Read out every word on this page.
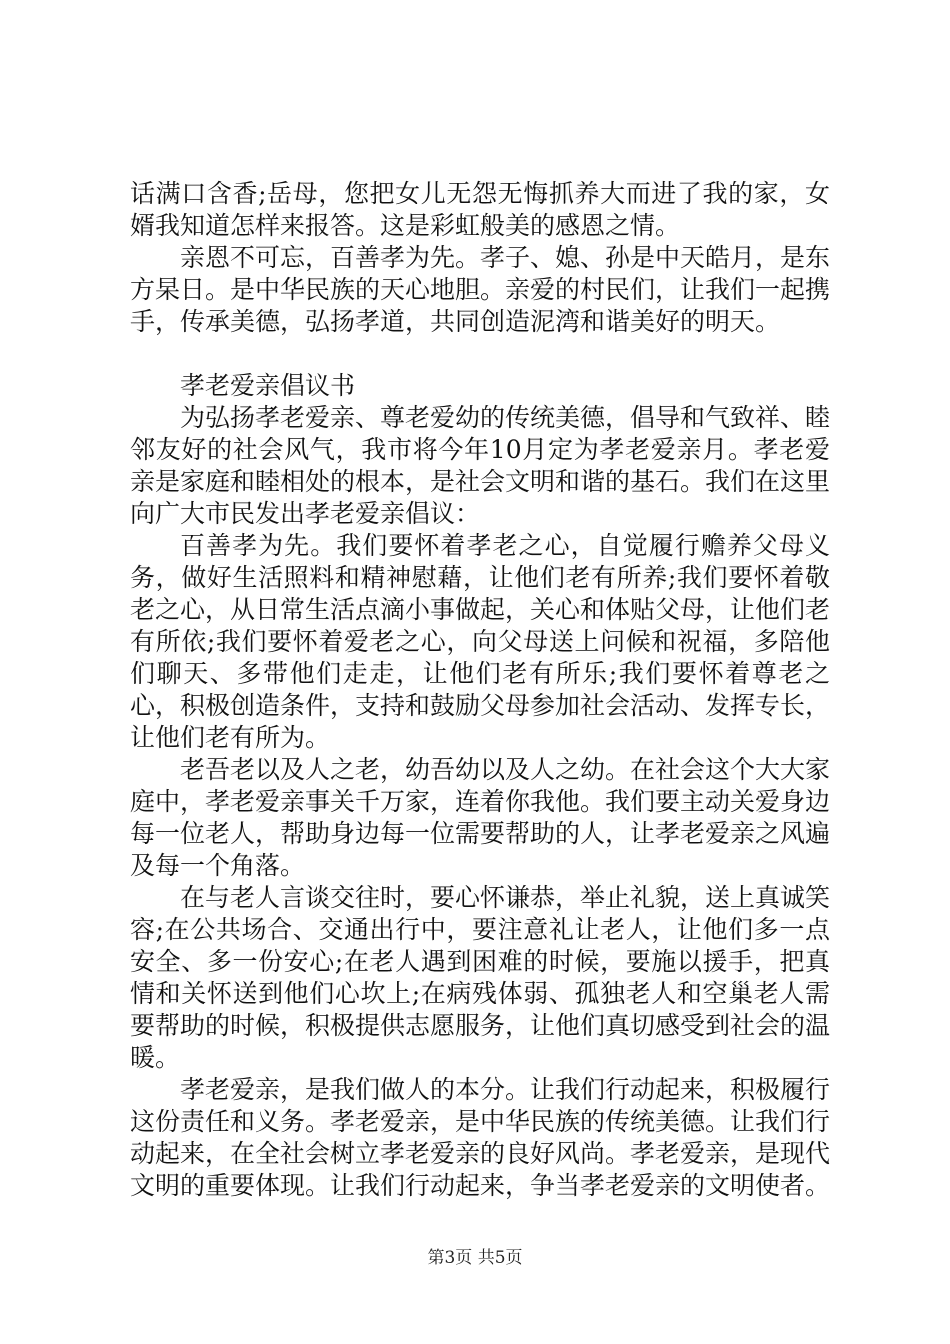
话满口含香;岳母，您把女儿无怨无悔抓养大而进了我的家，女婿我知道怎样来报答。这是彩虹般美的感恩之情。

亲恩不可忘，百善孝为先。孝子、媳、孙是中天皓月，是东方杲日。是中华民族的天心地胆。亲爱的村民们，让我们一起携手，传承美德，弘扬孝道，共同创造泥湾和谐美好的明天。

孝老爱亲倡议书

为弘扬孝老爱亲、尊老爱幼的传统美德，倡导和气致祥、睦邻友好的社会风气，我市将今年10月定为孝老爱亲月。孝老爱亲是家庭和睦相处的根本，是社会文明和谐的基石。我们在这里向广大市民发出孝老爱亲倡议：

百善孝为先。我们要怀着孝老之心，自觉履行赡养父母义务，做好生活照料和精神慰藉，让他们老有所养;我们要怀着敬老之心，从日常生活点滴小事做起，关心和体贴父母，让他们老有所依;我们要怀着爱老之心，向父母送上问候和祝福，多陪他们聊天、多带他们走走，让他们老有所乐;我们要怀着尊老之心，积极创造条件，支持和鼓励父母参加社会活动、发挥专长，让他们老有所为。

老吾老以及人之老，幼吾幼以及人之幼。在社会这个大大家庭中，孝老爱亲事关千万家，连着你我他。我们要主动关爱身边每一位老人，帮助身边每一位需要帮助的人，让孝老爱亲之风遍及每一个角落。

在与老人言谈交往时，要心怀谦恭，举止礼貌，送上真诚笑容;在公共场合、交通出行中，要注意礼让老人，让他们多一点安全、多一份安心;在老人遇到困难的时候，要施以援手，把真情和关怀送到他们心坎上;在病残体弱、孤独老人和空巢老人需要帮助的时候，积极提供志愿服务，让他们真切感受到社会的温暖。

孝老爱亲，是我们做人的本分。让我们行动起来，积极履行这份责任和义务。孝老爱亲，是中华民族的传统美德。让我们行动起来，在全社会树立孝老爱亲的良好风尚。孝老爱亲，是现代文明的重要体现。让我们行动起来，争当孝老爱亲的文明使者。

第3页 共5页
